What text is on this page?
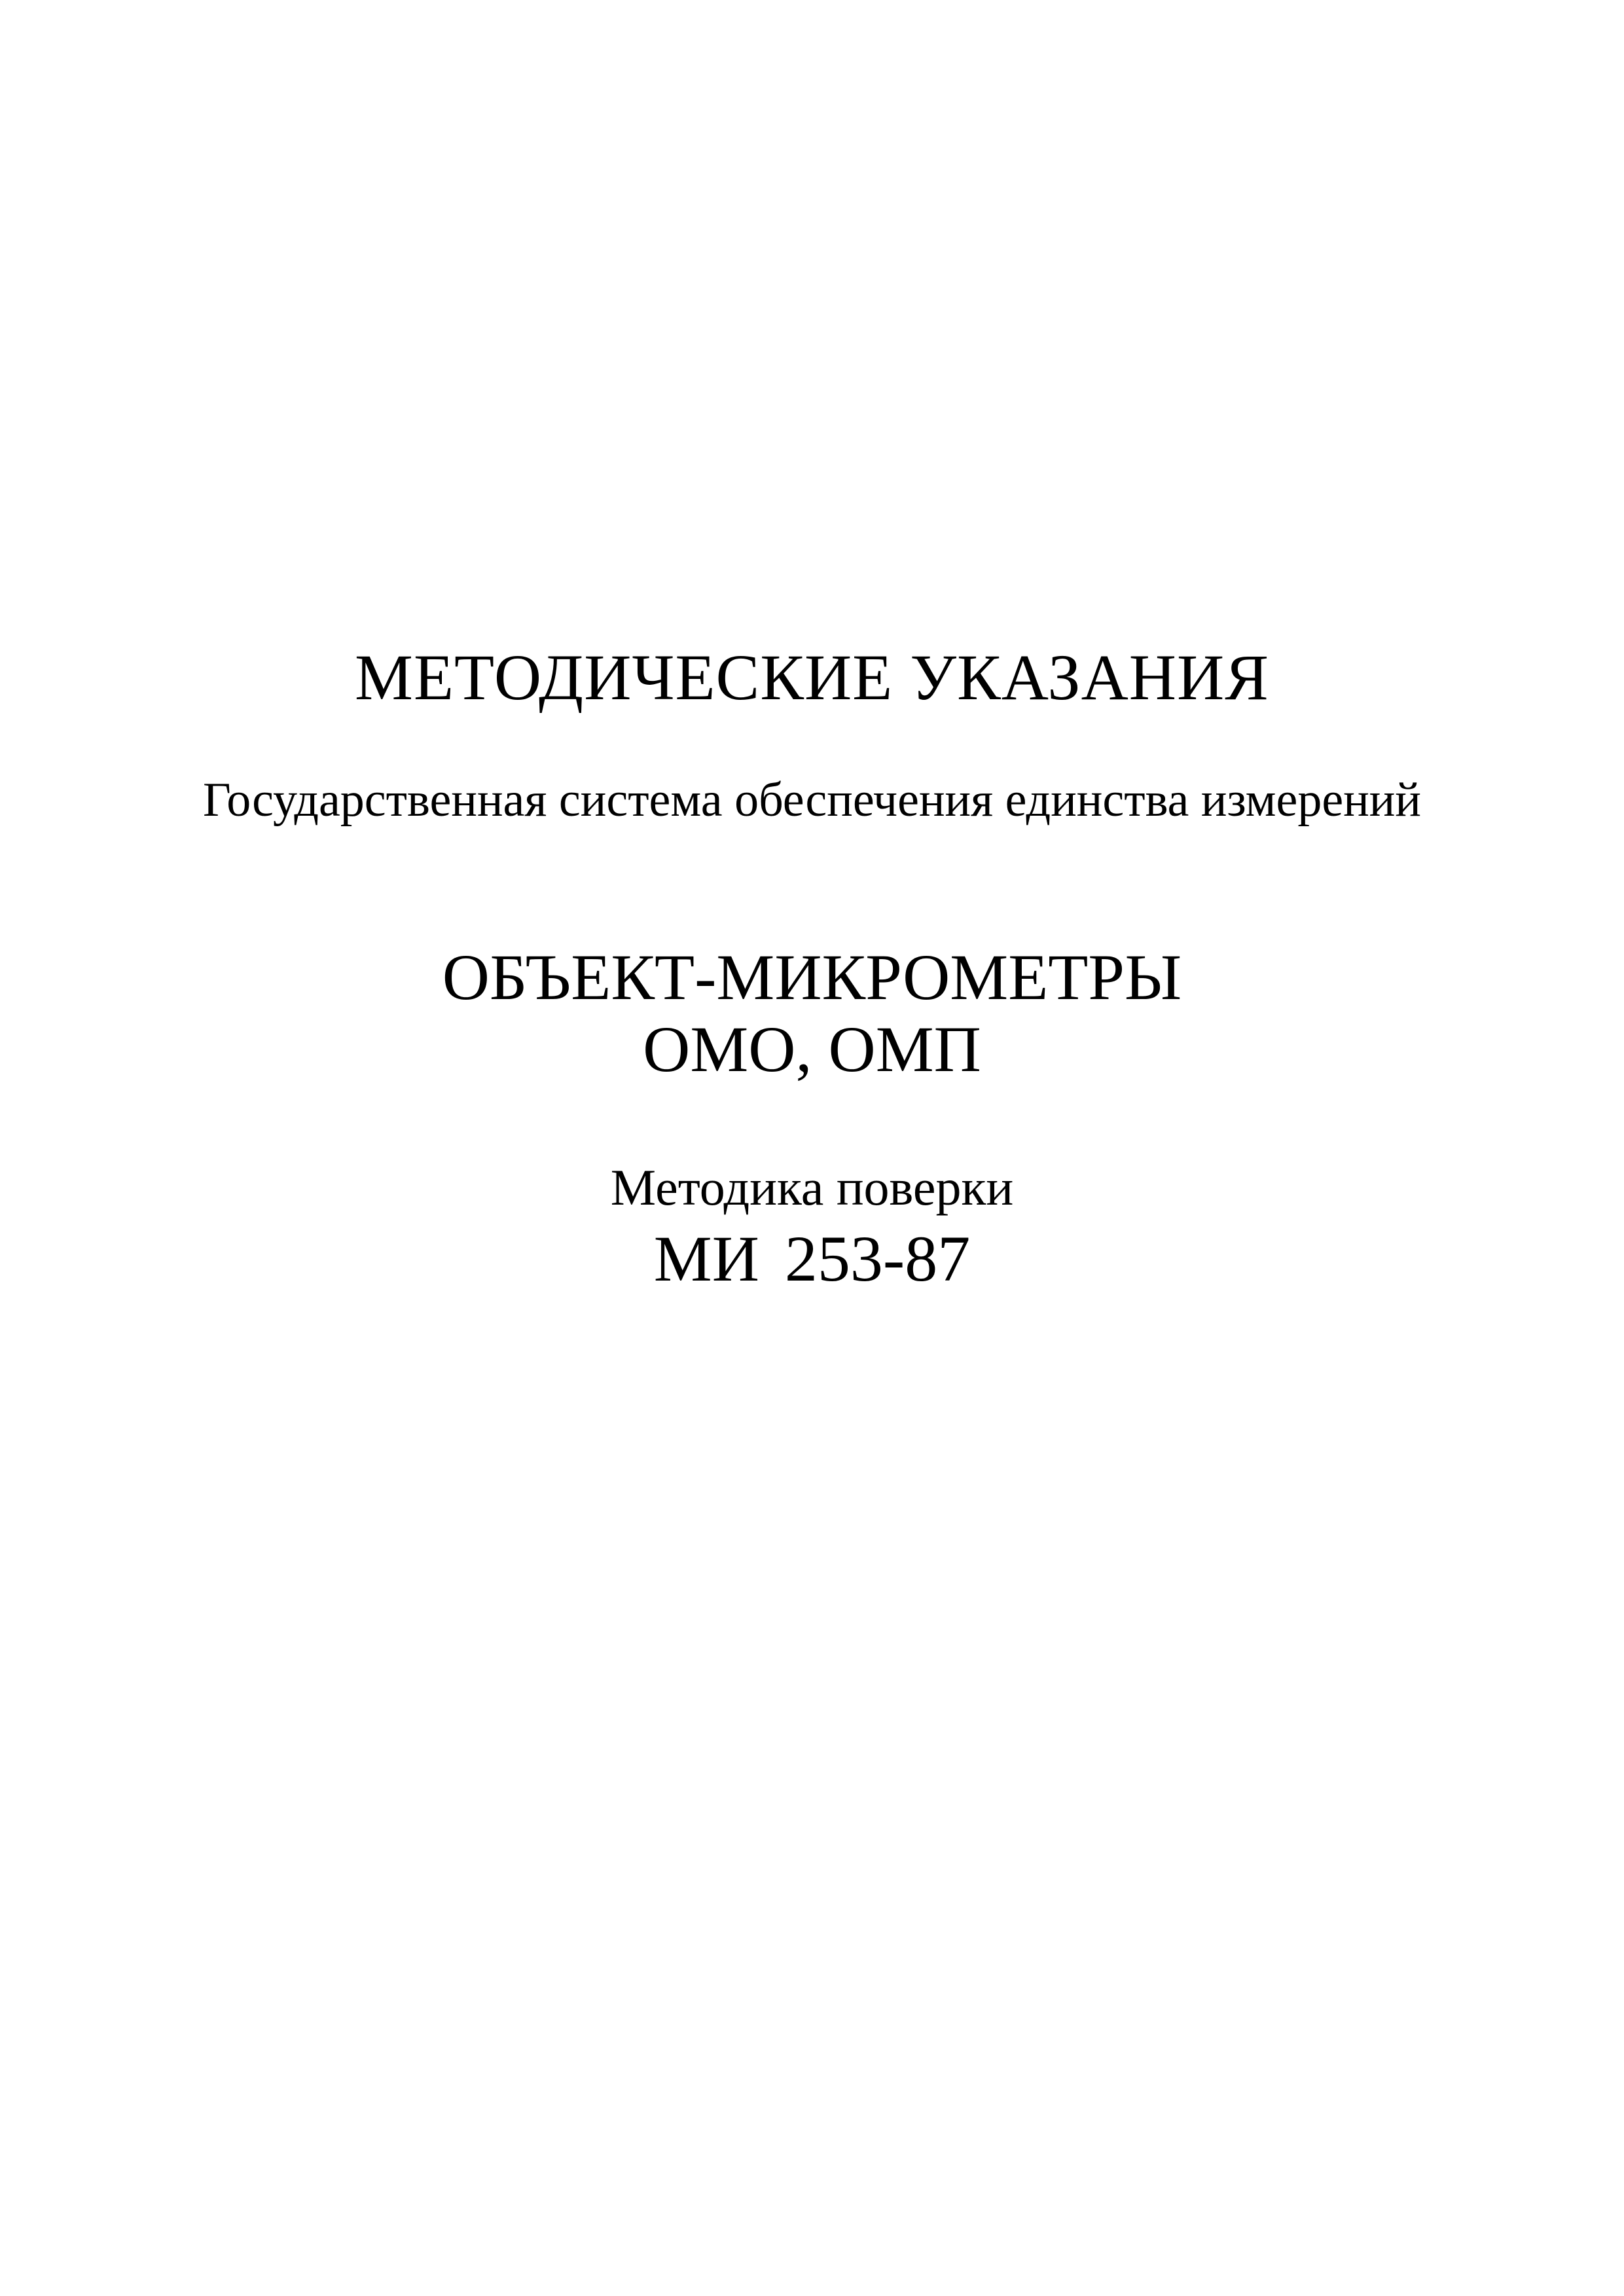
МЕТОДИЧЕСКИЕ УКАЗАНИЯ
Государственная система обеспечения единства измерений
ОБЪЕКТ-МИКРОМЕТРЫ
ОМО, ОМП
Методика поверки
МИ 253-87
